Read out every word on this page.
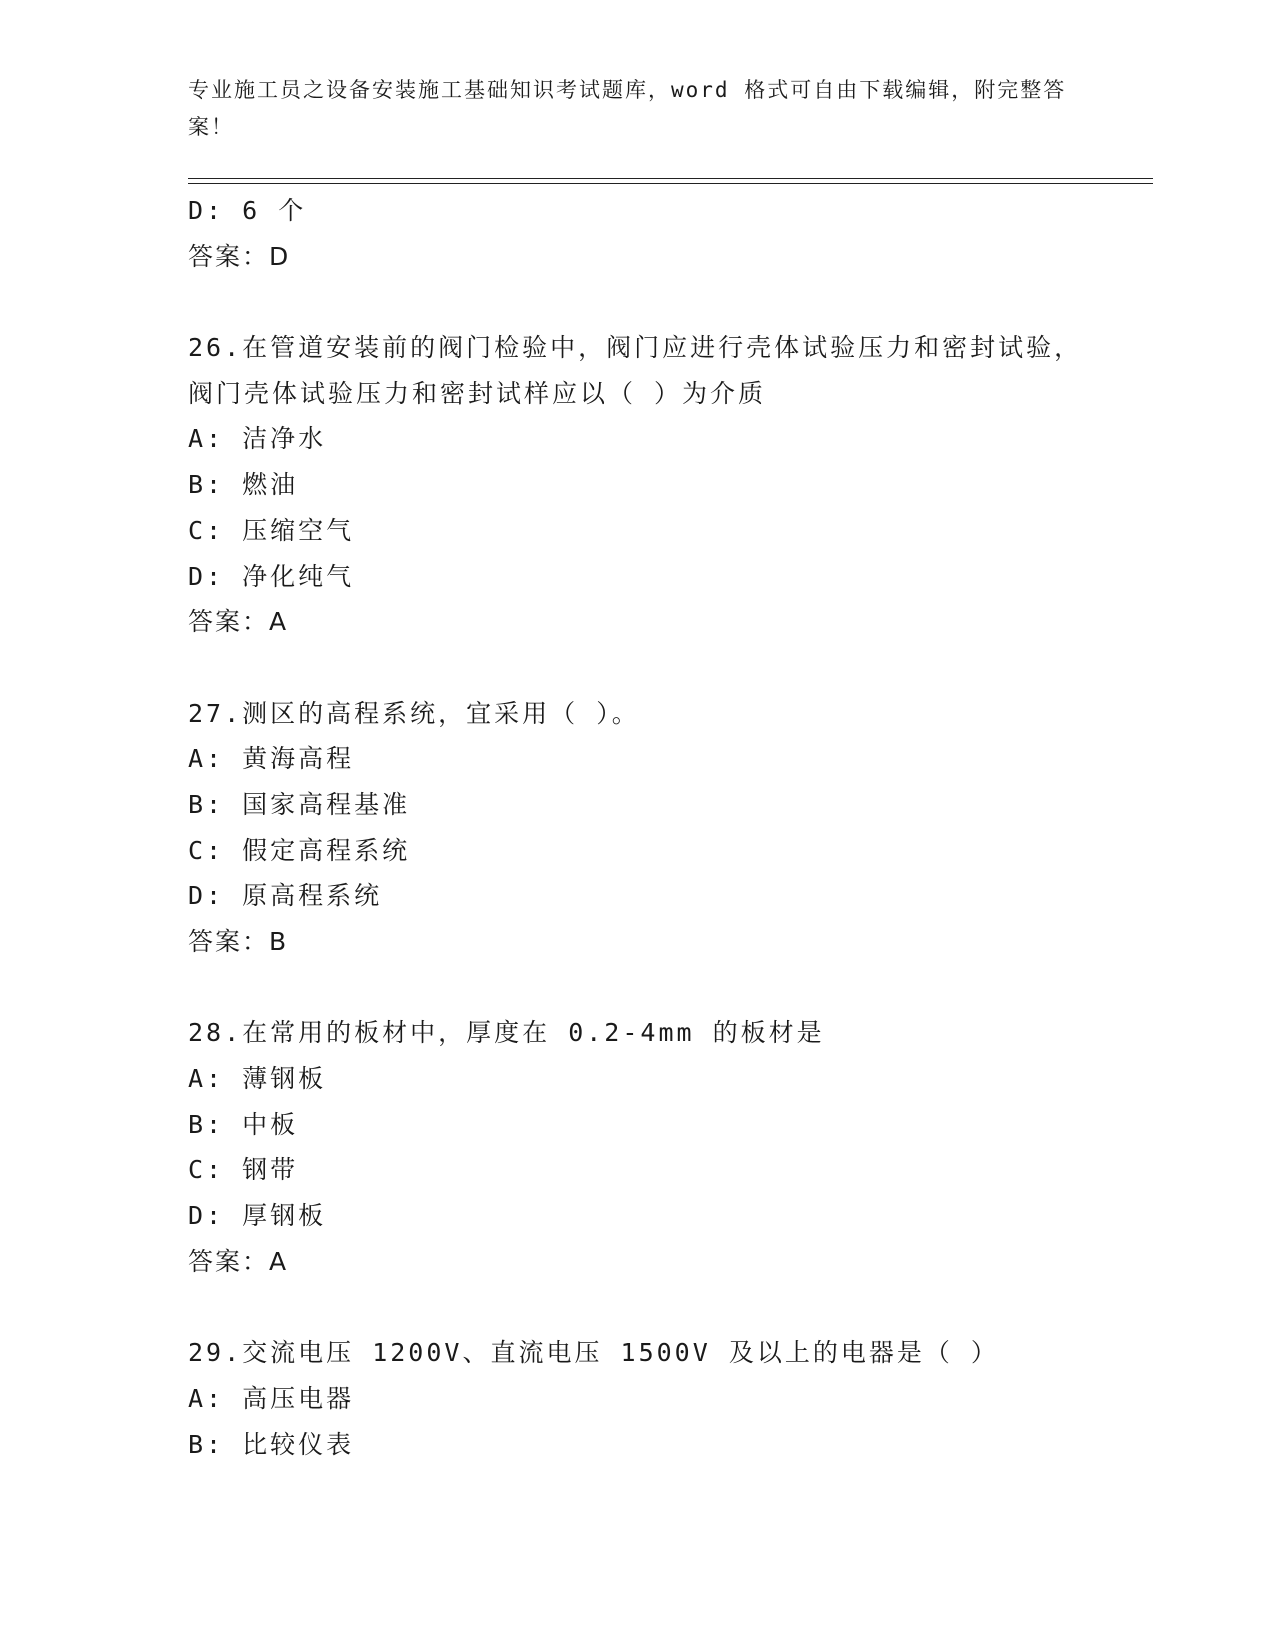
专业施工员之设备安装施工基础知识考试题库，word 格式可自由下载编辑，附完整答案！
D: 6 个
答案：D
26.在管道安装前的阀门检验中，阀门应进行壳体试验压力和密封试验，阀门壳体试验压力和密封试样应以（ ）为介质
A: 洁净水
B: 燃油
C: 压缩空气
D: 净化纯气
答案：A
27.测区的高程系统，宜采用（ ）。
A: 黄海高程
B: 国家高程基准
C: 假定高程系统
D: 原高程系统
答案：B
28.在常用的板材中，厚度在 0.2-4mm 的板材是
A: 薄钢板
B: 中板
C: 钢带
D: 厚钢板
答案：A
29.交流电压 1200V、直流电压 1500V 及以上的电器是（ ）
A: 高压电器
B: 比较仪表
